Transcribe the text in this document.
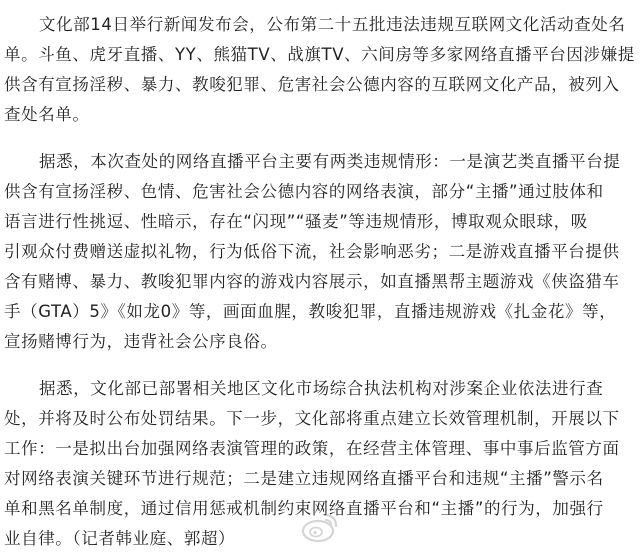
文化部14日举行新闻发布会，公布第二十五批违法违规互联网文化活动查处名
单。斗鱼、虎牙直播、YY、熊猫TV、战旗TV、六间房等多家网络直播平台因涉嫌提
供含有宣扬淫秽、暴力、教唆犯罪、危害社会公德内容的互联网文化产品，被列入
查处名单。
据悉，本次查处的网络直播平台主要有两类违规情形：一是演艺类直播平台提
供含有宣扬淫秽、色情、危害社会公德内容的网络表演，部分“主播”通过肢体和
语言进行性挑逗、性暗示，存在“闪现”“骚麦”等违规情形，博取观众眼球，吸
引观众付费赠送虚拟礼物，行为低俗下流，社会影响恶劣；二是游戏直播平台提供
含有赌博、暴力、教唆犯罪内容的游戏内容展示，如直播黑帮主题游戏《侠盗猎车
手（GTA）5》《如龙0》等，画面血腥，教唆犯罪，直播违规游戏《扎金花》等，
宣扬赌博行为，违背社会公序良俗。
据悉，文化部已部署相关地区文化市场综合执法机构对涉案企业依法进行查
处，并将及时公布处罚结果。下一步，文化部将重点建立长效管理机制，开展以下
工作：一是拟出台加强网络表演管理的政策，在经营主体管理、事中事后监管方面
对网络表演关键环节进行规范；二是建立违规网络直播平台和违规“主播”警示名
单和黑名单制度，通过信用惩戒机制约束网络直播平台和“主播”的行为，加强行
业自律。（记者韩业庭、郭超）
